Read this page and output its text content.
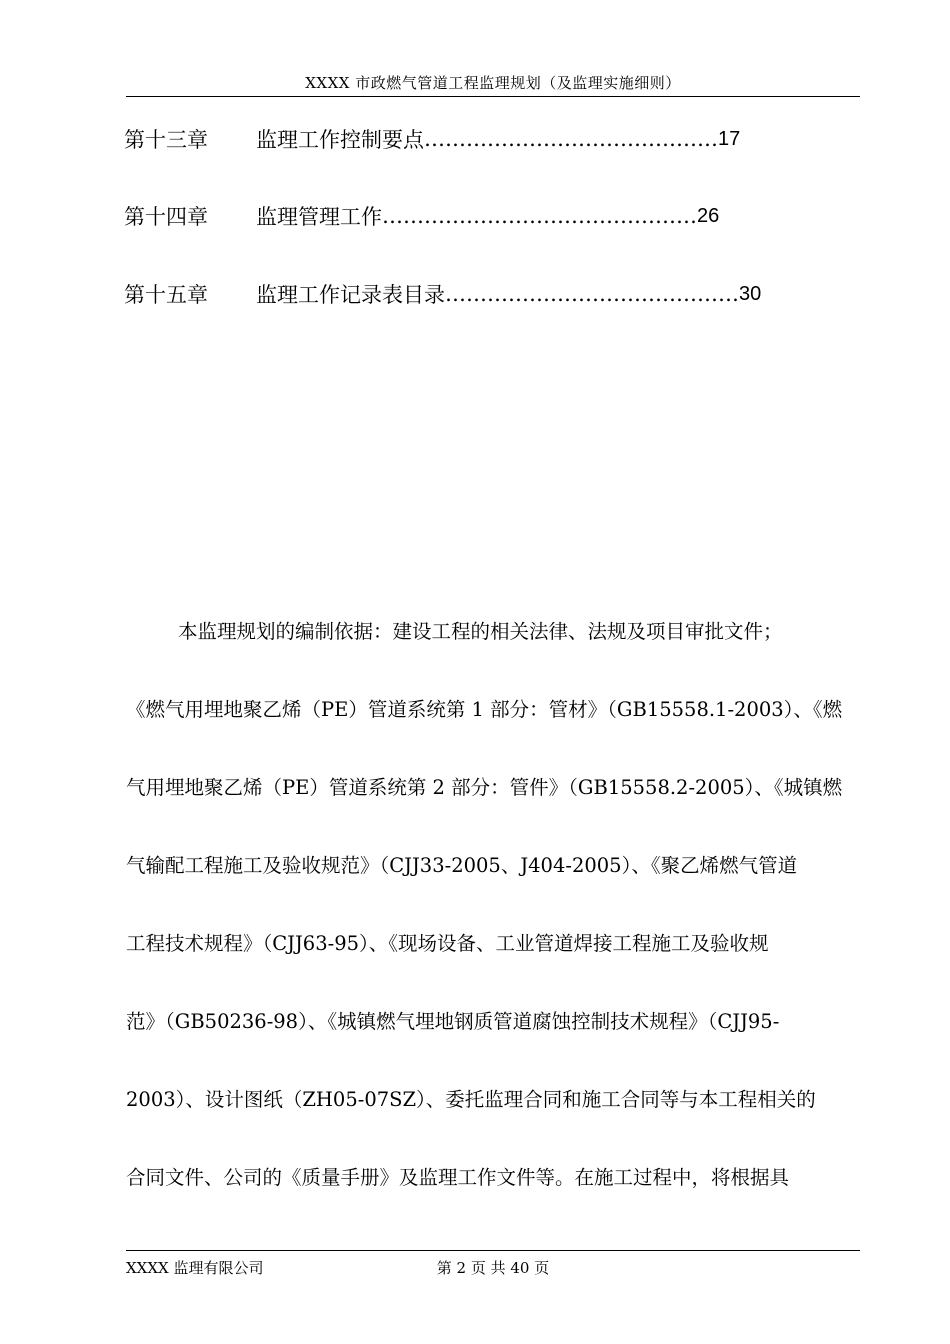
XXXX 市政燃气管道工程监理规划（及监理实施细则）
第十三章	监理工作控制要点 …………………………………… 17
第十四章	监理管理工作 ……………………………………… 26
第十五章	监理工作记录表目录 …………………………………… 30
本监理规划的编制依据：建设工程的相关法律、法规及项目审批文件；
《燃气用埋地聚乙烯（PE）管道系统第 1 部分：管材》（GB15558.1-2003）、《燃
气用埋地聚乙烯（PE）管道系统第 2 部分：管件》（GB15558.2-2005）、《城镇燃
气输配工程施工及验收规范》（CJJ33-2005、J404-2005）、《聚乙烯燃气管道
工程技术规程》（CJJ63-95）、《现场设备、工业管道焊接工程施工及验收规
范》（GB50236-98）、《城镇燃气埋地钢质管道腐蚀控制技术规程》（CJJ95-
2003）、设计图纸（ZH05-07SZ）、委托监理合同和施工合同等与本工程相关的
合同文件、公司的《质量手册》及监理工作文件等。在施工过程中，将根据具
XXXX 监理有限公司	第 2 页 共 40 页
